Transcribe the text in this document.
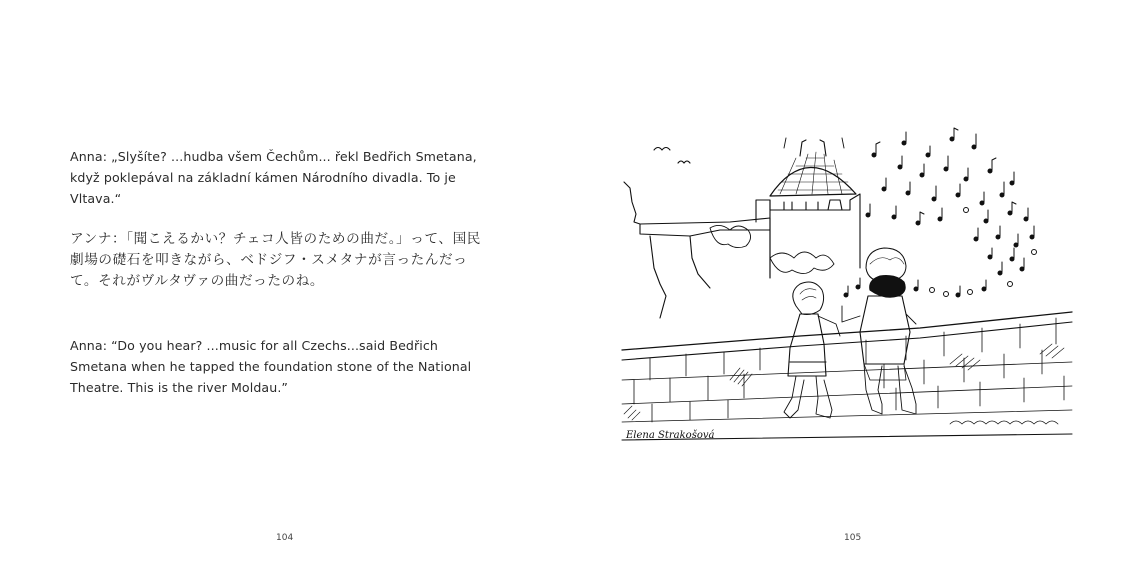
Anna: „Slyšíte? ...hudba všem Čechům... řekl Bedřich Smetana, když poklepával na základní kámen Národního divadla. To je Vltava.“

アンナ：「聞こえるかい？チェコ人皆のための曲だ。」って、国民劇場の礎石を叩きながら、ベドジフ・スメタナが言ったんだって。それがヴルタヴァの曲だったのね。

Anna: “Do you hear? ...music for all Czechs...said Bedřich Smetana when he tapped the foundation stone of the National Theatre. This is the river Moldau.”

104
Elena Strakošová
105
